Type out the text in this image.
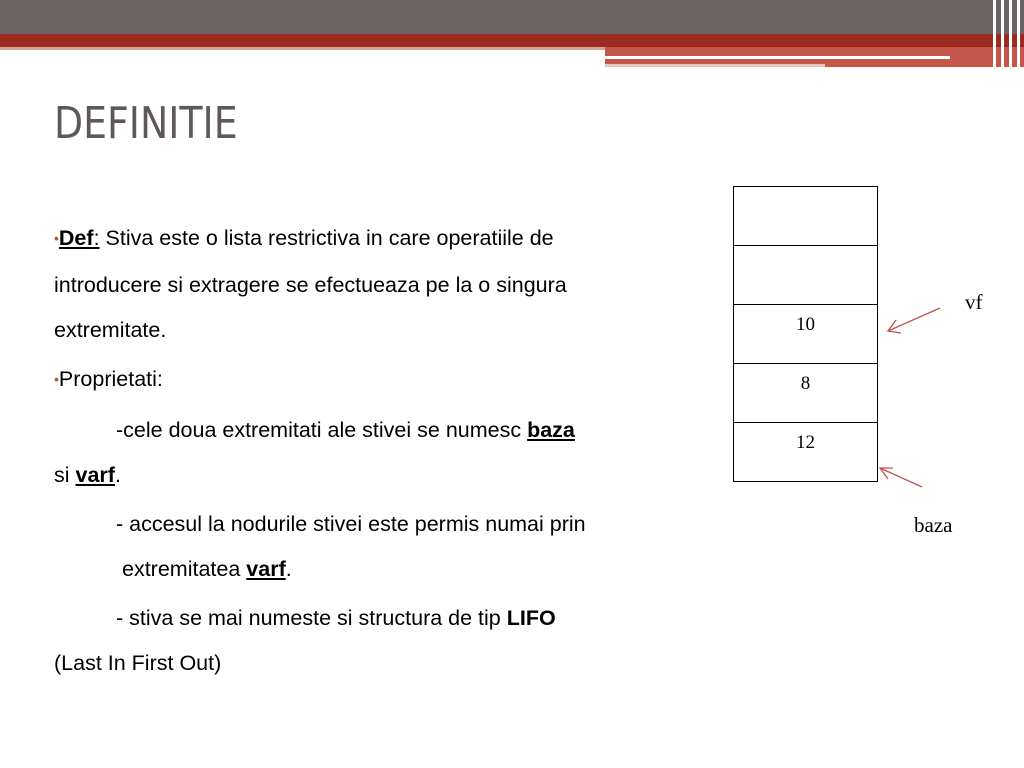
DEFINITIE

•Def: Stiva este o lista restrictiva in care operatiile de
introducere si extragere se efectueaza pe la o singura
extremitate.

•Proprietati:

-cele doua extremitati ale stivei se numesc baza
si varf.

- accesul la nodurile stivei este permis numai prin
extremitatea varf.

- stiva se mai numeste si structura de tip LIFO
(Last In First Out)

10
8
12
vf
baza
